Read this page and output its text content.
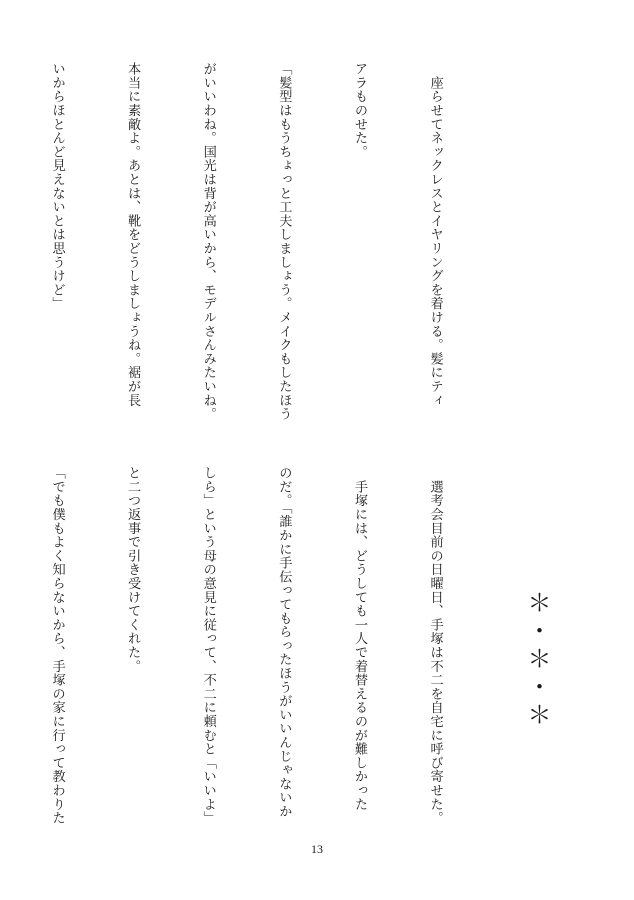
　座らせてネックレスとイヤリングを着ける。髪にティ

アラものせた。

「髪型はもうちょっと工夫しましょう。メイクもしたほう

がいいわね。国光は背が高いから、モデルさんみたいね。

本当に素敵よ。あとは、靴をどうしましょうね。裾が長

いからほとんど見えないとは思うけど」

＊・＊・＊

　選考会目前の日曜日、手塚は不二を自宅に呼び寄せた。

　手塚には、どうしても一人で着替えるのが難しかった

のだ。「誰かに手伝ってもらったほうがいいんじゃないか

しら」という母の意見に従って、不二に頼むと「いいよ」

と二つ返事で引き受けてくれた。

「でも僕もよく知らないから、手塚の家に行って教わりた

13
